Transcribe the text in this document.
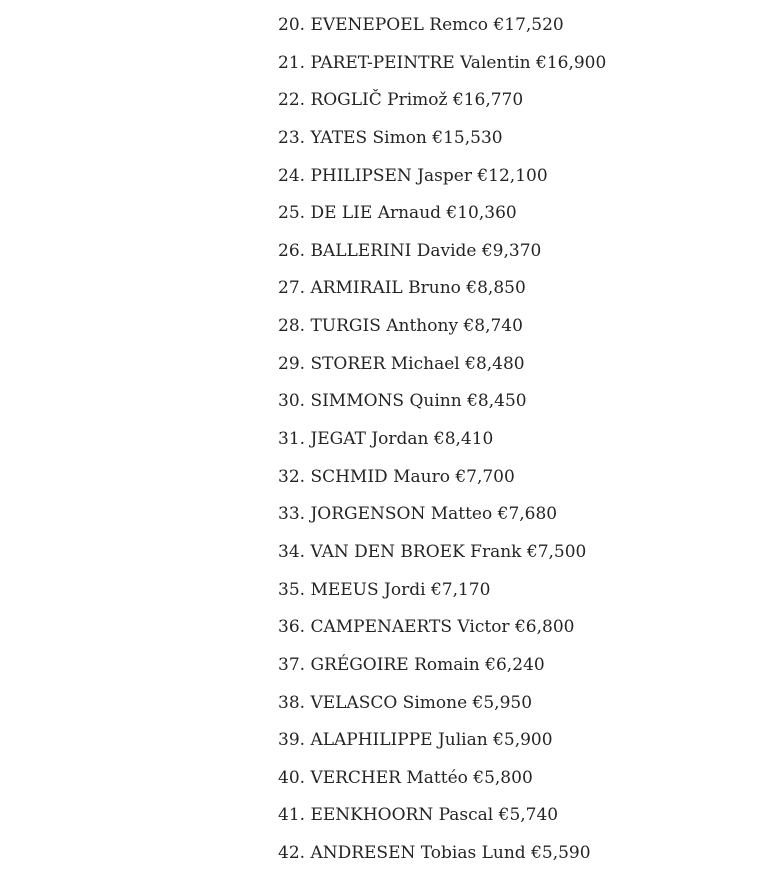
20. EVENEPOEL Remco €17,520
21. PARET-PEINTRE Valentin €16,900
22. ROGLIČ Primož €16,770
23. YATES Simon €15,530
24. PHILIPSEN Jasper €12,100
25. DE LIE Arnaud €10,360
26. BALLERINI Davide €9,370
27. ARMIRAIL Bruno €8,850
28. TURGIS Anthony €8,740
29. STORER Michael €8,480
30. SIMMONS Quinn €8,450
31. JEGAT Jordan €8,410
32. SCHMID Mauro €7,700
33. JORGENSON Matteo €7,680
34. VAN DEN BROEK Frank €7,500
35. MEEUS Jordi €7,170
36. CAMPENAERTS Victor €6,800
37. GRÉGOIRE Romain €6,240
38. VELASCO Simone €5,950
39. ALAPHILIPPE Julian €5,900
40. VERCHER Mattéo €5,800
41. EENKHOORN Pascal €5,740
42. ANDRESEN Tobias Lund €5,590
